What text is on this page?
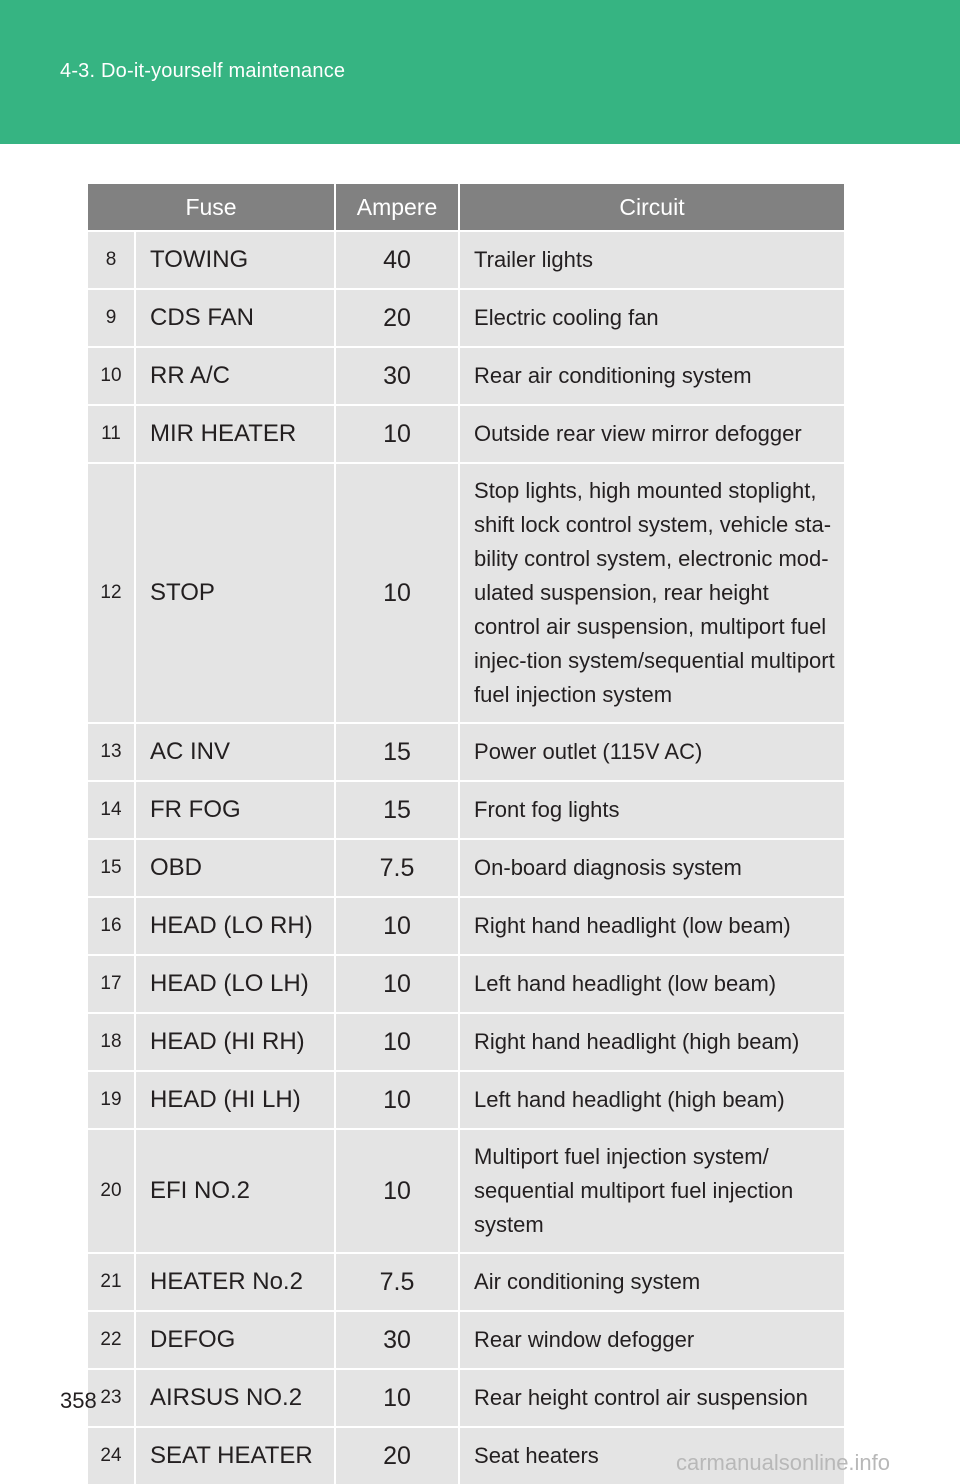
4-3. Do-it-yourself maintenance
Fuse		Ampere	Circuit
8	TOWING	40	Trailer lights
9	CDS FAN	20	Electric cooling fan
10	RR A/C	30	Rear air conditioning system
11	MIR HEATER	10	Outside rear view mirror defogger
12	STOP	10	Stop lights, high mounted stoplight, shift lock control system, vehicle sta-bility control system, electronic mod-ulated suspension, rear height control air suspension, multiport fuel injec-tion system/sequential multiport fuel injection system
13	AC INV	15	Power outlet (115V AC)
14	FR FOG	15	Front fog lights
15	OBD	7.5	On-board diagnosis system
16	HEAD (LO RH)	10	Right hand headlight (low beam)
17	HEAD (LO LH)	10	Left hand headlight (low beam)
18	HEAD (HI RH)	10	Right hand headlight (high beam)
19	HEAD (HI LH)	10	Left hand headlight (high beam)
20	EFI NO.2	10	Multiport fuel injection system/ sequential multiport fuel injection system
21	HEATER No.2	7.5	Air conditioning system
22	DEFOG	30	Rear window defogger
23	AIRSUS NO.2	10	Rear height control air suspension
24	SEAT HEATER	20	Seat heaters
358
carmanualsonline.info
